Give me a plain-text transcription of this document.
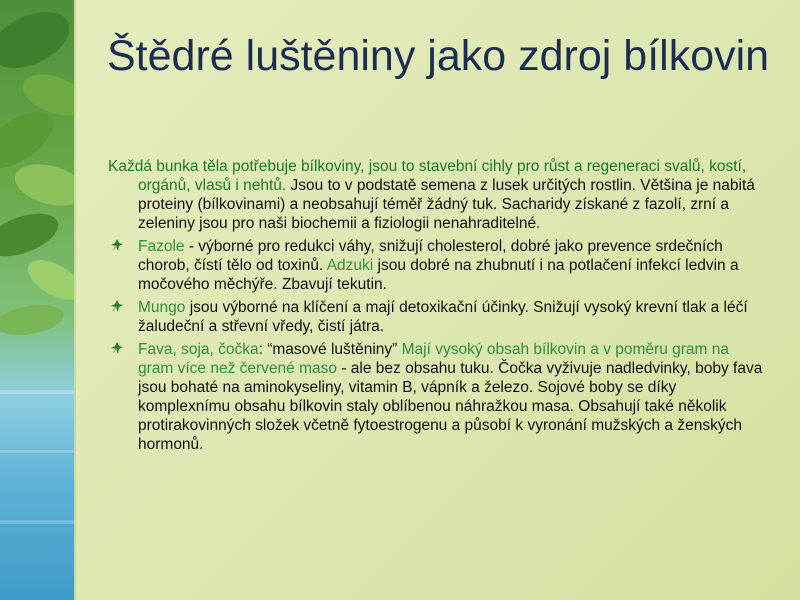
Štědré luštěniny jako zdroj bílkovin

Každá bunka těla potřebuje bílkoviny, jsou to stavební cihly pro růst a regeneraci svalů, kostí, orgánů, vlasů i nehtů. Jsou to v podstatě semena z lusek určitých rostlin. Většina je nabitá proteiny (bílkovinami) a neobsahují téměř žádný tuk. Sacharidy získané z fazolí, zrní a zeleniny jsou pro naši biochemii a fiziologii nenahraditelné.

Fazole - výborné pro redukci váhy, snižují cholesterol, dobré jako prevence srdečních chorob, čístí tělo od toxinů. Adzuki jsou dobré na zhubnutí i na potlačení infekcí ledvin a močového měchýře. Zbavují tekutin.
Mungo jsou výborné na klíčení a mají detoxikační účinky. Snižují vysoký krevní tlak a léčí žaludeční a střevní vředy, čistí játra.
Fava, soja, čočka: “masové luštěniny” Mají vysoký obsah bílkovin a v poměru gram na gram více než červené maso - ale bez obsahu tuku. Čočka vyživuje nadledvinky, boby fava jsou bohaté na aminokyseliny, vitamin B, vápník a železo. Sojové boby se díky komplexnímu obsahu bílkovin staly oblíbenou náhražkou masa. Obsahují také několik protirakovinných složek včetně fytoestrogenu a působí k vyronání mužských a ženských hormonů.
